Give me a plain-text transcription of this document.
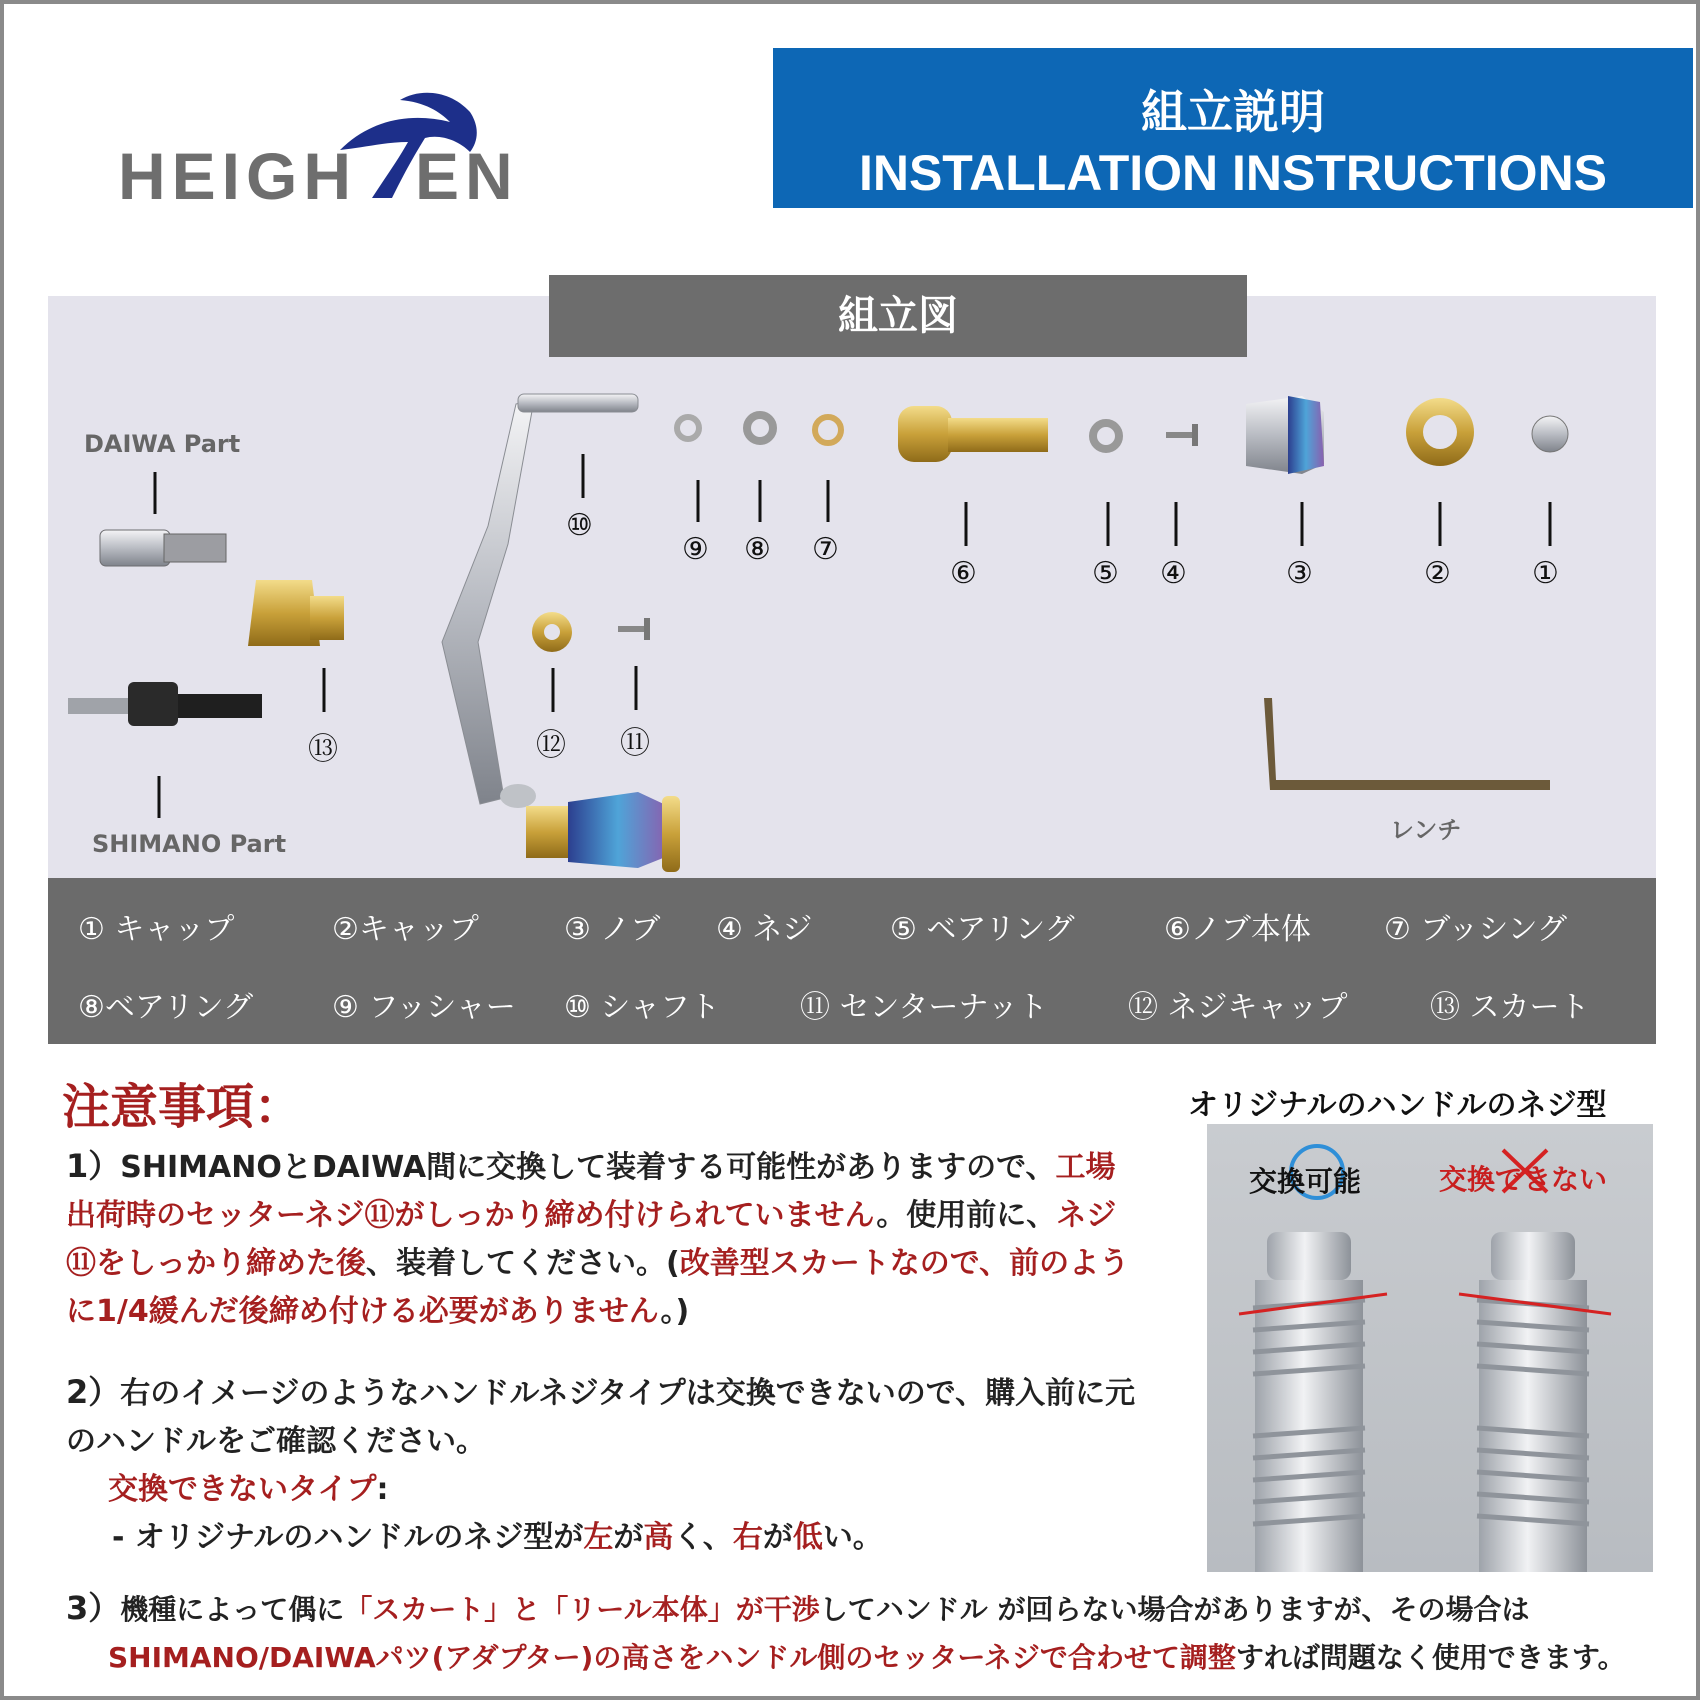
HEIGH EN
組立説明
INSTALLATION INSTRUCTIONS
組立図
DAIWA Part
SHIMANO Part	レンチ
①
②
③
④
⑤
⑥
⑦
⑧
⑨
⑩
⑪
⑫
⑬
① キャップ	②キャップ	③ ノブ ④ ネジ	⑤ ベアリング	⑥ノブ本体 ⑦ ブッシング
⑧ベアリング	⑨ フッシャー ⑩ シャフト	⑪ センターナット	⑫ ネジキャップ	⑬ スカート
注意事項：
1）SHIMANOとDAIWA間に交換して装着する可能性がありますので、工場出荷時のセッターネジ⑪がしっかり締め付けられていません。使用前に、ネジ⑪をしっかり締めた後、装着してください。(改善型スカートなので、前のように1/4緩んだ後締め付ける必要がありません。)
2）右のイメージのようなハンドルネジタイプは交換できないので、購入前に元のハンドルをご確認ください。
交換できないタイプ:
- オリジナルのハンドルのネジ型が左が高く、右が低い。
3）機種によって偶に「スカート」と「リール本体」が干渉してハンドル が回らない場合がありますが、その場合は
SHIMANO/DAIWAパツ(アダプター)の高さをハンドル側のセッターネジで合わせて調整すれば問題なく使用できます。
オリジナルのハンドルのネジ型
交換可能	交換できない
